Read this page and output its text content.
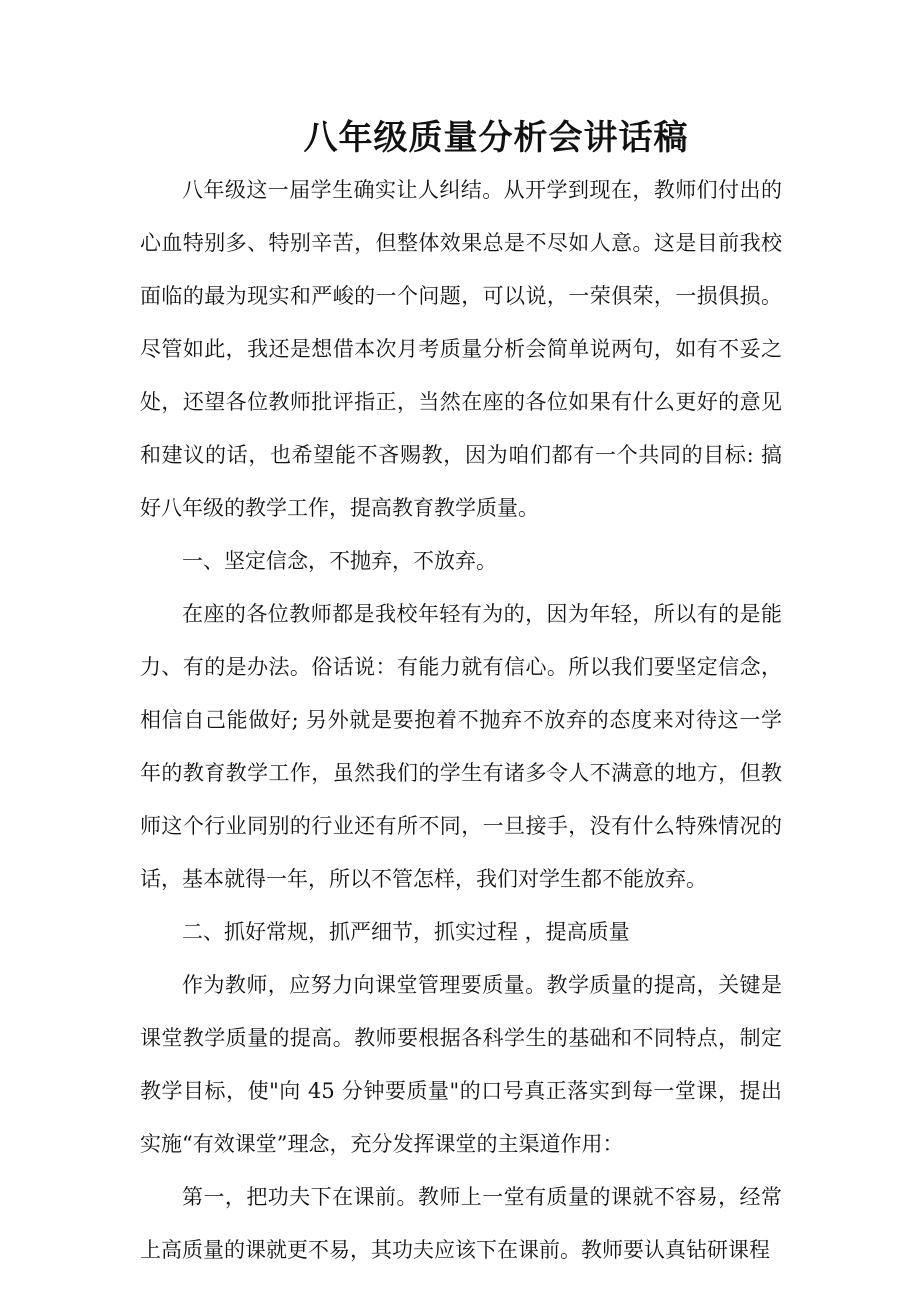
八年级质量分析会讲话稿

八年级这一届学生确实让人纠结。从开学到现在，教师们付出的心血特别多、特别辛苦，但整体效果总是不尽如人意。这是目前我校面临的最为现实和严峻的一个问题，可以说，一荣俱荣，一损俱损。尽管如此，我还是想借本次月考质量分析会简单说两句，如有不妥之处，还望各位教师批评指正，当然在座的各位如果有什么更好的意见和建议的话，也希望能不吝赐教，因为咱们都有一个共同的目标: 搞好八年级的教学工作，提高教育教学质量。

一、坚定信念，不抛弃，不放弃。

在座的各位教师都是我校年轻有为的，因为年轻，所以有的是能力、有的是办法。俗话说：有能力就有信心。所以我们要坚定信念，相信自己能做好; 另外就是要抱着不抛弃不放弃的态度来对待这一学年的教育教学工作，虽然我们的学生有诸多令人不满意的地方，但教师这个行业同别的行业还有所不同，一旦接手，没有什么特殊情况的话，基本就得一年，所以不管怎样，我们对学生都不能放弃。

二、抓好常规，抓严细节，抓实过程 ，提高质量

作为教师，应努力向课堂管理要质量。教学质量的提高，关键是课堂教学质量的提高。教师要根据各科学生的基础和不同特点，制定教学目标，使"向 45 分钟要质量"的口号真正落实到每一堂课，提出实施“有效课堂”理念，充分发挥课堂的主渠道作用：

第一，把功夫下在课前。教师上一堂有质量的课就不容易，经常上高质量的课就更不易，其功夫应该下在课前。教师要认真钻研课程
